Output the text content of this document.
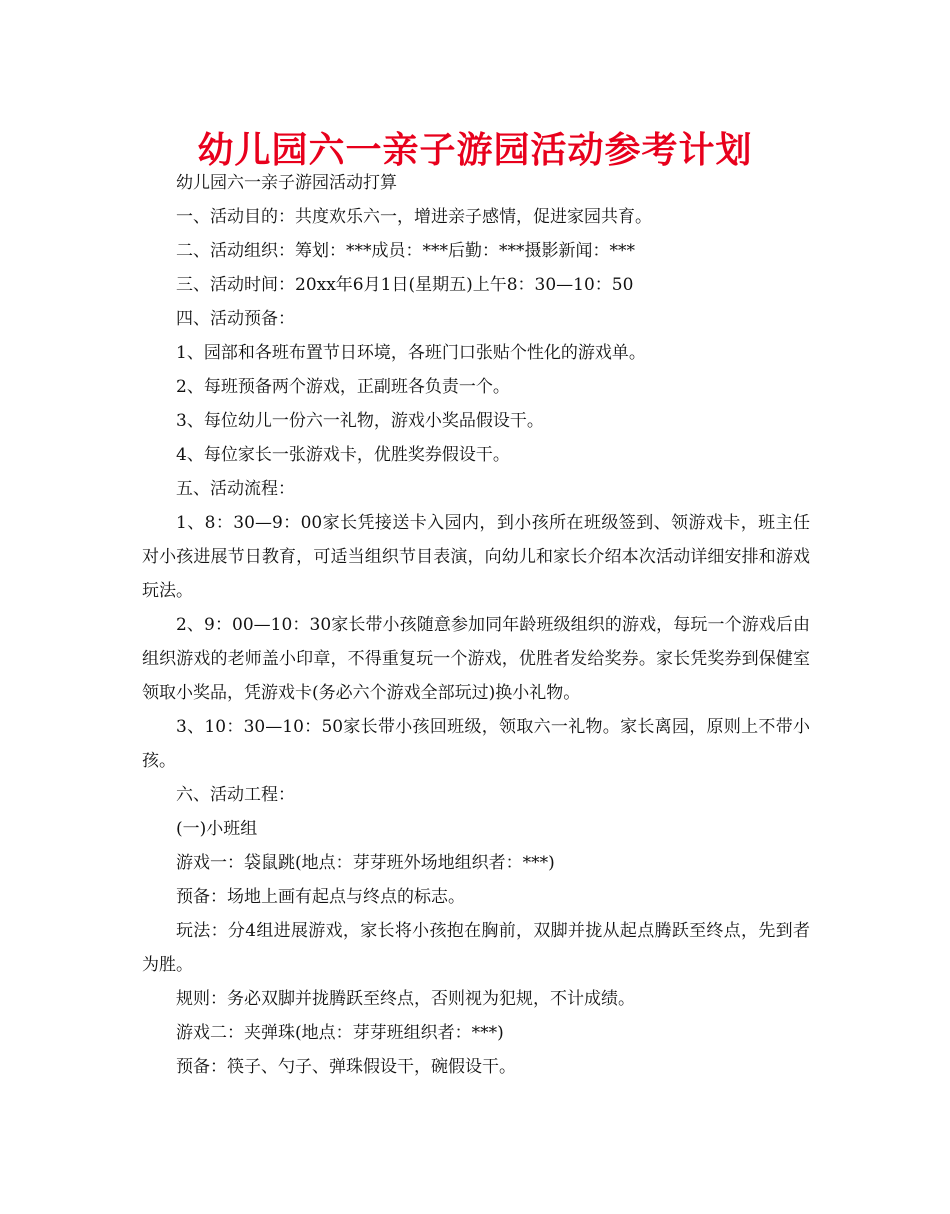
幼儿园六一亲子游园活动参考计划

幼儿园六一亲子游园活动打算

一、活动目的：共度欢乐六一，增进亲子感情，促进家园共育。

二、活动组织：筹划：***成员：***后勤：***摄影新闻：***

三、活动时间：20xx年6月1日(星期五)上午8：30—10：50

四、活动预备：

1、园部和各班布置节日环境，各班门口张贴个性化的游戏单。

2、每班预备两个游戏，正副班各负责一个。

3、每位幼儿一份六一礼物，游戏小奖品假设干。

4、每位家长一张游戏卡，优胜奖券假设干。

五、活动流程：

1、8：30—9：00家长凭接送卡入园内，到小孩所在班级签到、领游戏卡，班主任对小孩进展节日教育，可适当组织节目表演，向幼儿和家长介绍本次活动详细安排和游戏玩法。

2、9：00—10：30家长带小孩随意参加同年龄班级组织的游戏，每玩一个游戏后由组织游戏的老师盖小印章，不得重复玩一个游戏，优胜者发给奖券。家长凭奖券到保健室领取小奖品，凭游戏卡(务必六个游戏全部玩过)换小礼物。

3、10：30—10：50家长带小孩回班级，领取六一礼物。家长离园，原则上不带小孩。

六、活动工程：

(一)小班组

游戏一：袋鼠跳(地点：芽芽班外场地组织者：***)

预备：场地上画有起点与终点的标志。

玩法：分4组进展游戏，家长将小孩抱在胸前，双脚并拢从起点腾跃至终点，先到者为胜。

规则：务必双脚并拢腾跃至终点，否则视为犯规，不计成绩。

游戏二：夹弹珠(地点：芽芽班组织者：***)

预备：筷子、勺子、弹珠假设干，碗假设干。
